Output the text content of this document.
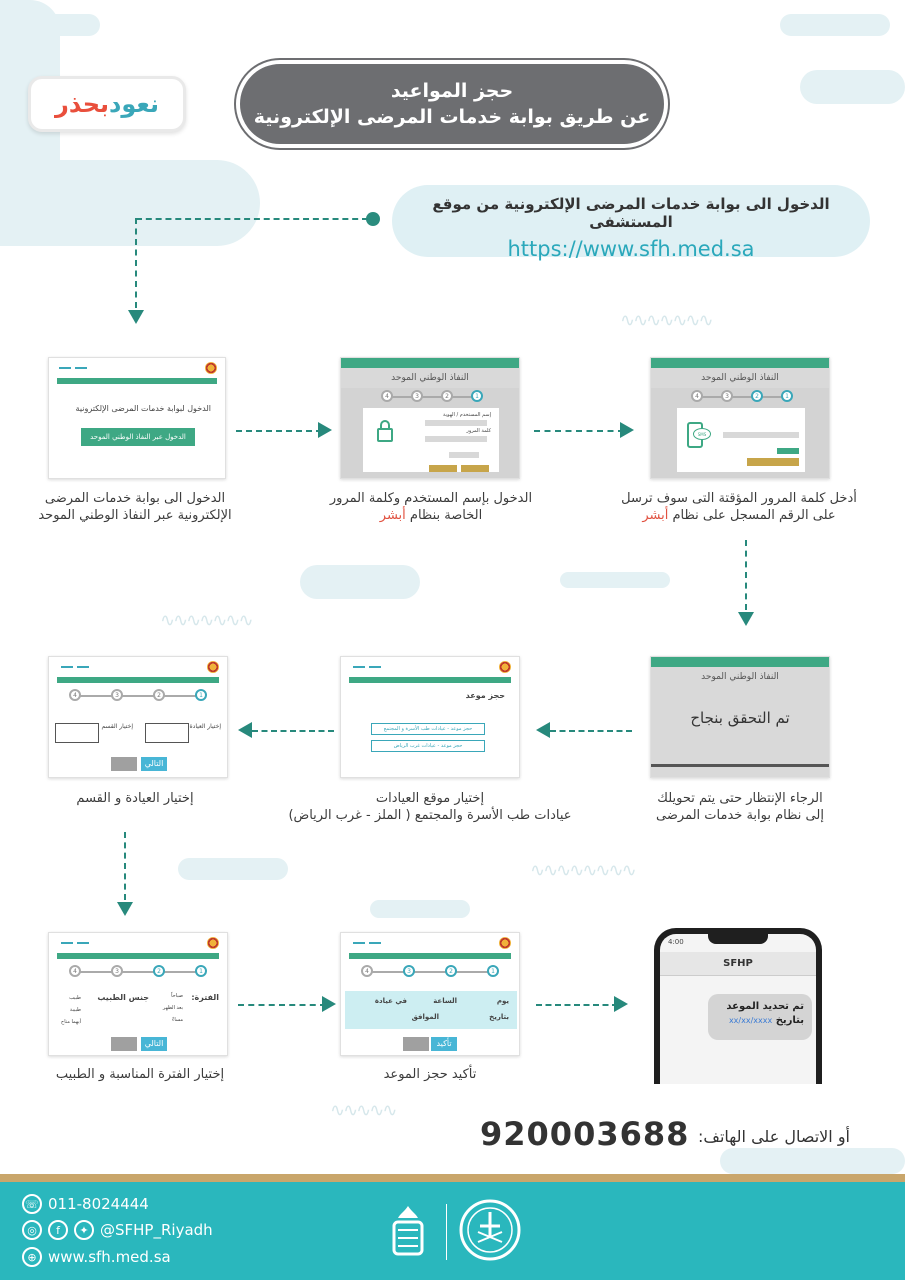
∿∿∿∿∿∿∿
∿∿∿∿∿∿∿
∿∿∿∿∿∿∿∿
∿∿∿∿∿
نعود
بحذر	حجز المواعيد
عن طريق بوابة خدمات المرضى الإلكترونية
الدخول الى بوابة خدمات المرضى الإلكترونية من موقع المستشفى
https://www.sfh.med.sa
الدخول لبوابة خدمات المرضى الإلكترونية
الدخول عبر النفاذ الوطني الموحد
الدخول الى بوابة خدمات المرضى
الإلكترونية عبر النفاذ الوطني الموحد
النفاذ الوطني الموحد
4	3	2	1
إسم المستخدم / الهوية
كلمة المرور
الدخول بإسم المستخدم وكلمة المرور
الخاصة بنظام أبشر
النفاذ الوطني الموحد
4	3	2	1
SMS
أدخل كلمة المرور المؤقتة التى سوف ترسل
على الرقم المسجل على نظام أبشر
النفاذ الوطني الموحد
تم التحقق بنجاح
الرجاء الإنتظار حتى يتم تحويلك
إلى نظام بوابة خدمات المرضى
حجز موعد
حجز موعد - عيادات طب الأسرة و المجتمع
حجز موعد - عيادات غرب الرياض
إختيار موقع العيادات
عيادات طب الأسرة والمجتمع ( الملز - غرب الرياض)
4	3	2	1
إختيار العيادة
إختيار القسم
التالي
إختيار العيادة و القسم
4	3	2	1
الفترة:
صباحاً
بعد الظهر
مساءً
جنس الطبيب
طبيب
طبيبة
أيهما متاح
التالي
إختيار الفترة المناسبة و الطبيب
4	3	2	1
يوم
الساعة
في عيادة
بتاريخ
الموافق
تأكيد
تأكيد حجز الموعد
4:00
SFHP
تم تحديد الموعد
بتاريخ xx/xx/xxxx
أو الاتصال على الهاتف:
920003688
☏ 011-8024444
◎	f	✦ @SFHP_Riyadh
⊕ www.sfh.med.sa
